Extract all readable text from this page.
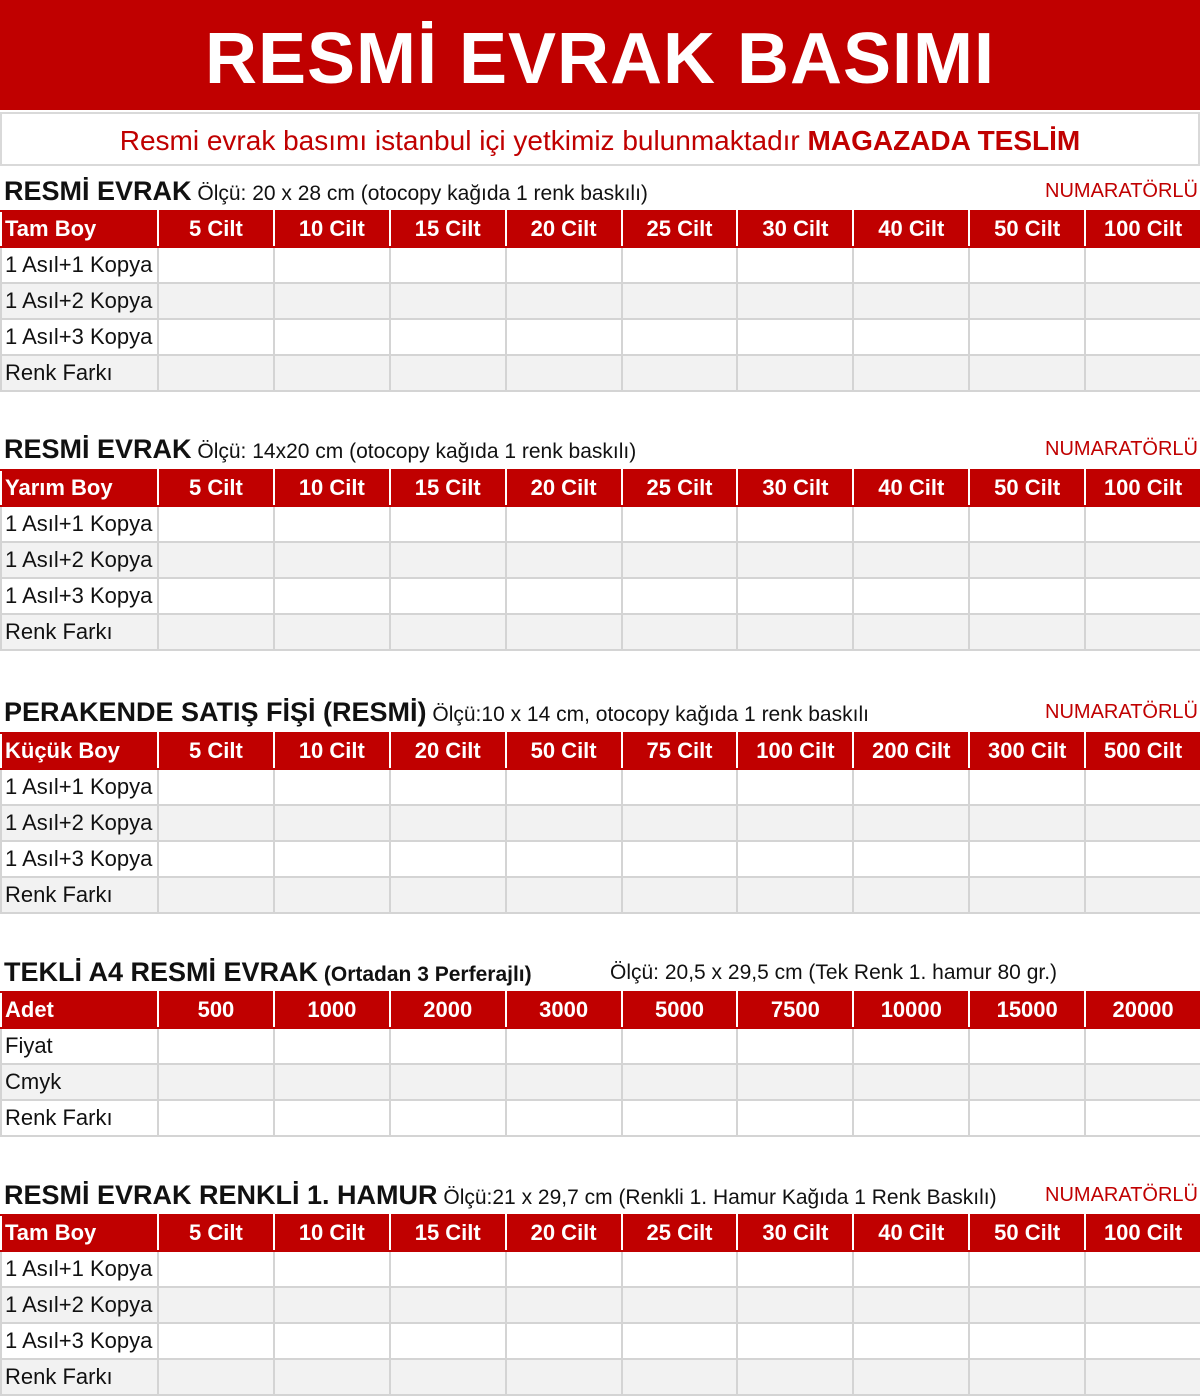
RESMİ EVRAK BASIMI
Resmi evrak basımı istanbul içi yetkimiz bulunmaktadır MAGAZADA TESLİM
RESMİ EVRAK Ölçü: 20 x 28 cm (otocopy kağıda 1 renk baskılı)	NUMARATÖRLÜ
Tam Boy	5 Cilt	10 Cilt	15 Cilt	20 Cilt	25 Cilt	30 Cilt	40 Cilt	50 Cilt	100 Cilt
1 Asıl+1 Kopya									
1 Asıl+2 Kopya									
1 Asıl+3 Kopya									
Renk Farkı									
RESMİ EVRAK Ölçü: 14x20 cm (otocopy kağıda 1 renk baskılı)	NUMARATÖRLÜ
Yarım Boy	5 Cilt	10 Cilt	15 Cilt	20 Cilt	25 Cilt	30 Cilt	40 Cilt	50 Cilt	100 Cilt
1 Asıl+1 Kopya									
1 Asıl+2 Kopya									
1 Asıl+3 Kopya									
Renk Farkı									
PERAKENDE SATIŞ FİŞİ (RESMİ) Ölçü:10 x 14 cm, otocopy kağıda 1 renk baskılı	NUMARATÖRLÜ
Küçük Boy	5 Cilt	10 Cilt	20 Cilt	50 Cilt	75 Cilt	100 Cilt	200 Cilt	300 Cilt	500 Cilt
1 Asıl+1 Kopya									
1 Asıl+2 Kopya									
1 Asıl+3 Kopya									
Renk Farkı									
TEKLİ A4 RESMİ EVRAK (Ortadan 3 Perferajlı)	Ölçü: 20,5 x 29,5 cm (Tek Renk 1. hamur 80 gr.)
Adet	500	1000	2000	3000	5000	7500	10000	15000	20000
Fiyat									
Cmyk									
Renk Farkı									
RESMİ EVRAK RENKLİ 1. HAMUR Ölçü:21 x 29,7 cm (Renkli 1. Hamur Kağıda 1 Renk Baskılı) NUMARATÖRLÜ
Tam Boy	5 Cilt	10 Cilt	15 Cilt	20 Cilt	25 Cilt	30 Cilt	40 Cilt	50 Cilt	100 Cilt
1 Asıl+1 Kopya									
1 Asıl+2 Kopya									
1 Asıl+3 Kopya									
Renk Farkı									
